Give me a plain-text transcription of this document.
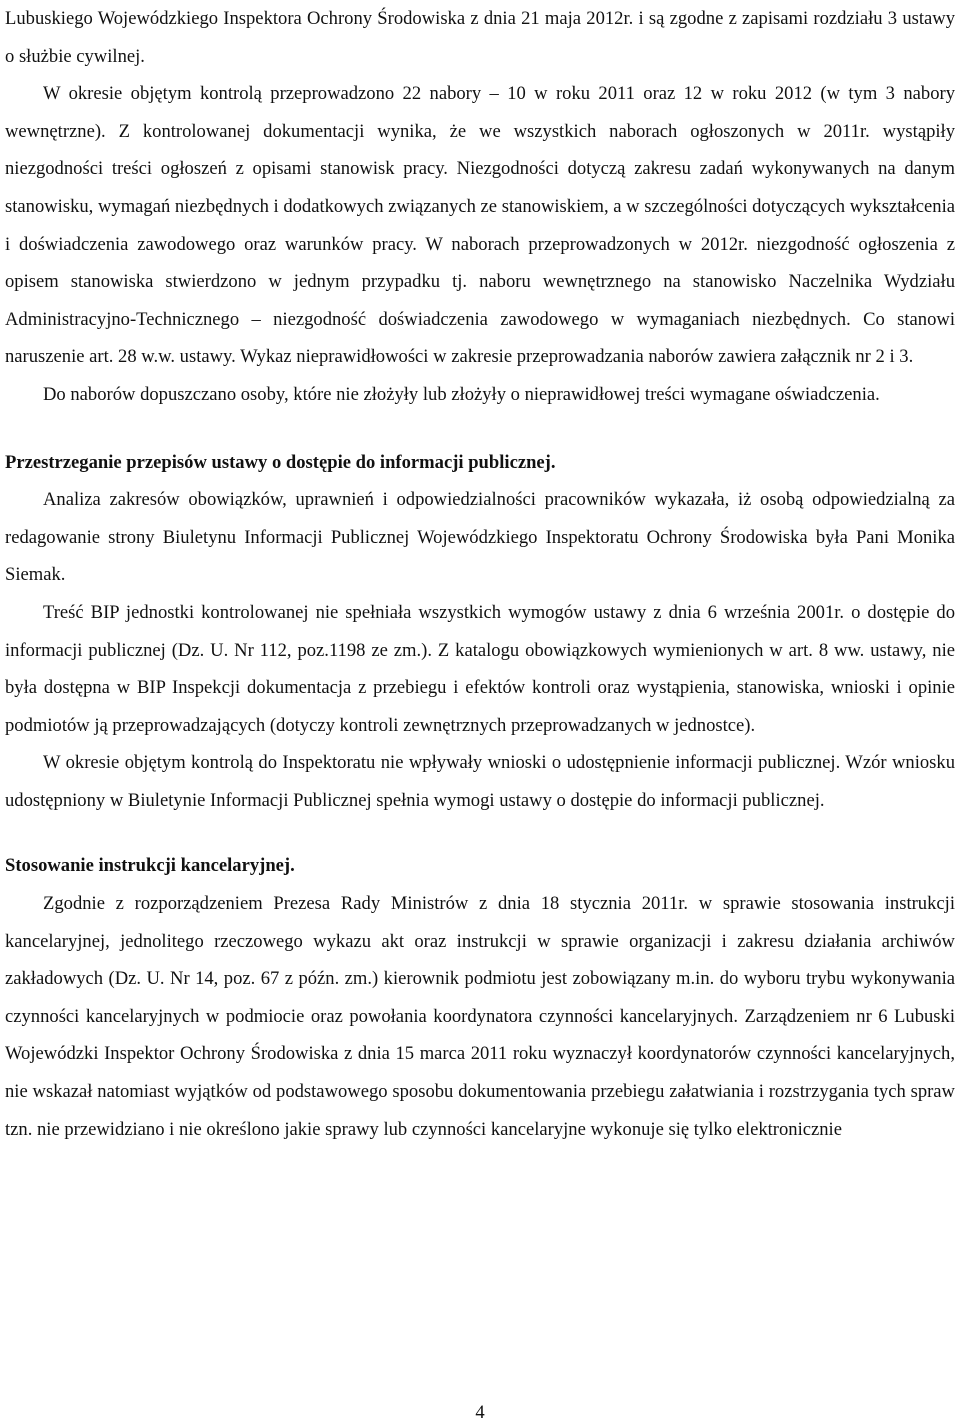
Lubuskiego Wojewódzkiego Inspektora Ochrony Środowiska z dnia 21 maja 2012r. i są zgodne z zapisami rozdziału 3 ustawy o służbie cywilnej.

W okresie objętym kontrolą przeprowadzono 22 nabory – 10 w roku 2011 oraz 12 w roku 2012 (w tym 3 nabory wewnętrzne). Z kontrolowanej dokumentacji wynika, że we wszystkich naborach ogłoszonych w 2011r. wystąpiły niezgodności treści ogłoszeń z opisami stanowisk pracy. Niezgodności dotyczą zakresu zadań wykonywanych na danym stanowisku, wymagań niezbędnych i dodatkowych związanych ze stanowiskiem, a w szczególności dotyczących wykształcenia i doświadczenia zawodowego oraz warunków pracy. W naborach przeprowadzonych w 2012r. niezgodność ogłoszenia z opisem stanowiska stwierdzono w jednym przypadku tj. naboru wewnętrznego na stanowisko Naczelnika Wydziału Administracyjno-Technicznego – niezgodność doświadczenia zawodowego w wymaganiach niezbędnych. Co stanowi naruszenie art. 28 w.w. ustawy. Wykaz nieprawidłowości w zakresie przeprowadzania naborów zawiera załącznik nr 2 i 3.

Do naborów dopuszczano osoby, które nie złożyły lub złożyły o nieprawidłowej treści wymagane oświadczenia.

Przestrzeganie przepisów ustawy o dostępie do informacji publicznej.

Analiza zakresów obowiązków, uprawnień i odpowiedzialności pracowników wykazała, iż osobą odpowiedzialną za redagowanie strony Biuletynu Informacji Publicznej Wojewódzkiego Inspektoratu Ochrony Środowiska była Pani Monika Siemak.

Treść BIP jednostki kontrolowanej nie spełniała wszystkich wymogów ustawy z dnia 6 września 2001r. o dostępie do informacji publicznej (Dz. U. Nr 112, poz.1198 ze zm.). Z katalogu obowiązkowych wymienionych w art. 8 ww. ustawy, nie była dostępna w BIP Inspekcji dokumentacja z przebiegu i efektów kontroli oraz wystąpienia, stanowiska, wnioski i opinie podmiotów ją przeprowadzających (dotyczy kontroli zewnętrznych przeprowadzanych w jednostce).

W okresie objętym kontrolą do Inspektoratu nie wpływały wnioski o udostępnienie informacji publicznej. Wzór wniosku udostępniony w Biuletynie Informacji Publicznej spełnia wymogi ustawy o dostępie do informacji publicznej.

Stosowanie instrukcji kancelaryjnej.

Zgodnie z rozporządzeniem Prezesa Rady Ministrów z dnia 18 stycznia 2011r. w sprawie stosowania instrukcji kancelaryjnej, jednolitego rzeczowego wykazu akt oraz instrukcji w sprawie organizacji i zakresu działania archiwów zakładowych (Dz. U. Nr 14, poz. 67 z późn. zm.) kierownik podmiotu jest zobowiązany m.in. do wyboru trybu wykonywania czynności kancelaryjnych w podmiocie oraz powołania koordynatora czynności kancelaryjnych. Zarządzeniem nr 6 Lubuski Wojewódzki Inspektor Ochrony Środowiska z dnia 15 marca 2011 roku wyznaczył koordynatorów czynności kancelaryjnych, nie wskazał natomiast wyjątków od podstawowego sposobu dokumentowania przebiegu załatwiania i rozstrzygania tych spraw tzn. nie przewidziano i nie określono jakie sprawy lub czynności kancelaryjne wykonuje się tylko elektronicznie

4
